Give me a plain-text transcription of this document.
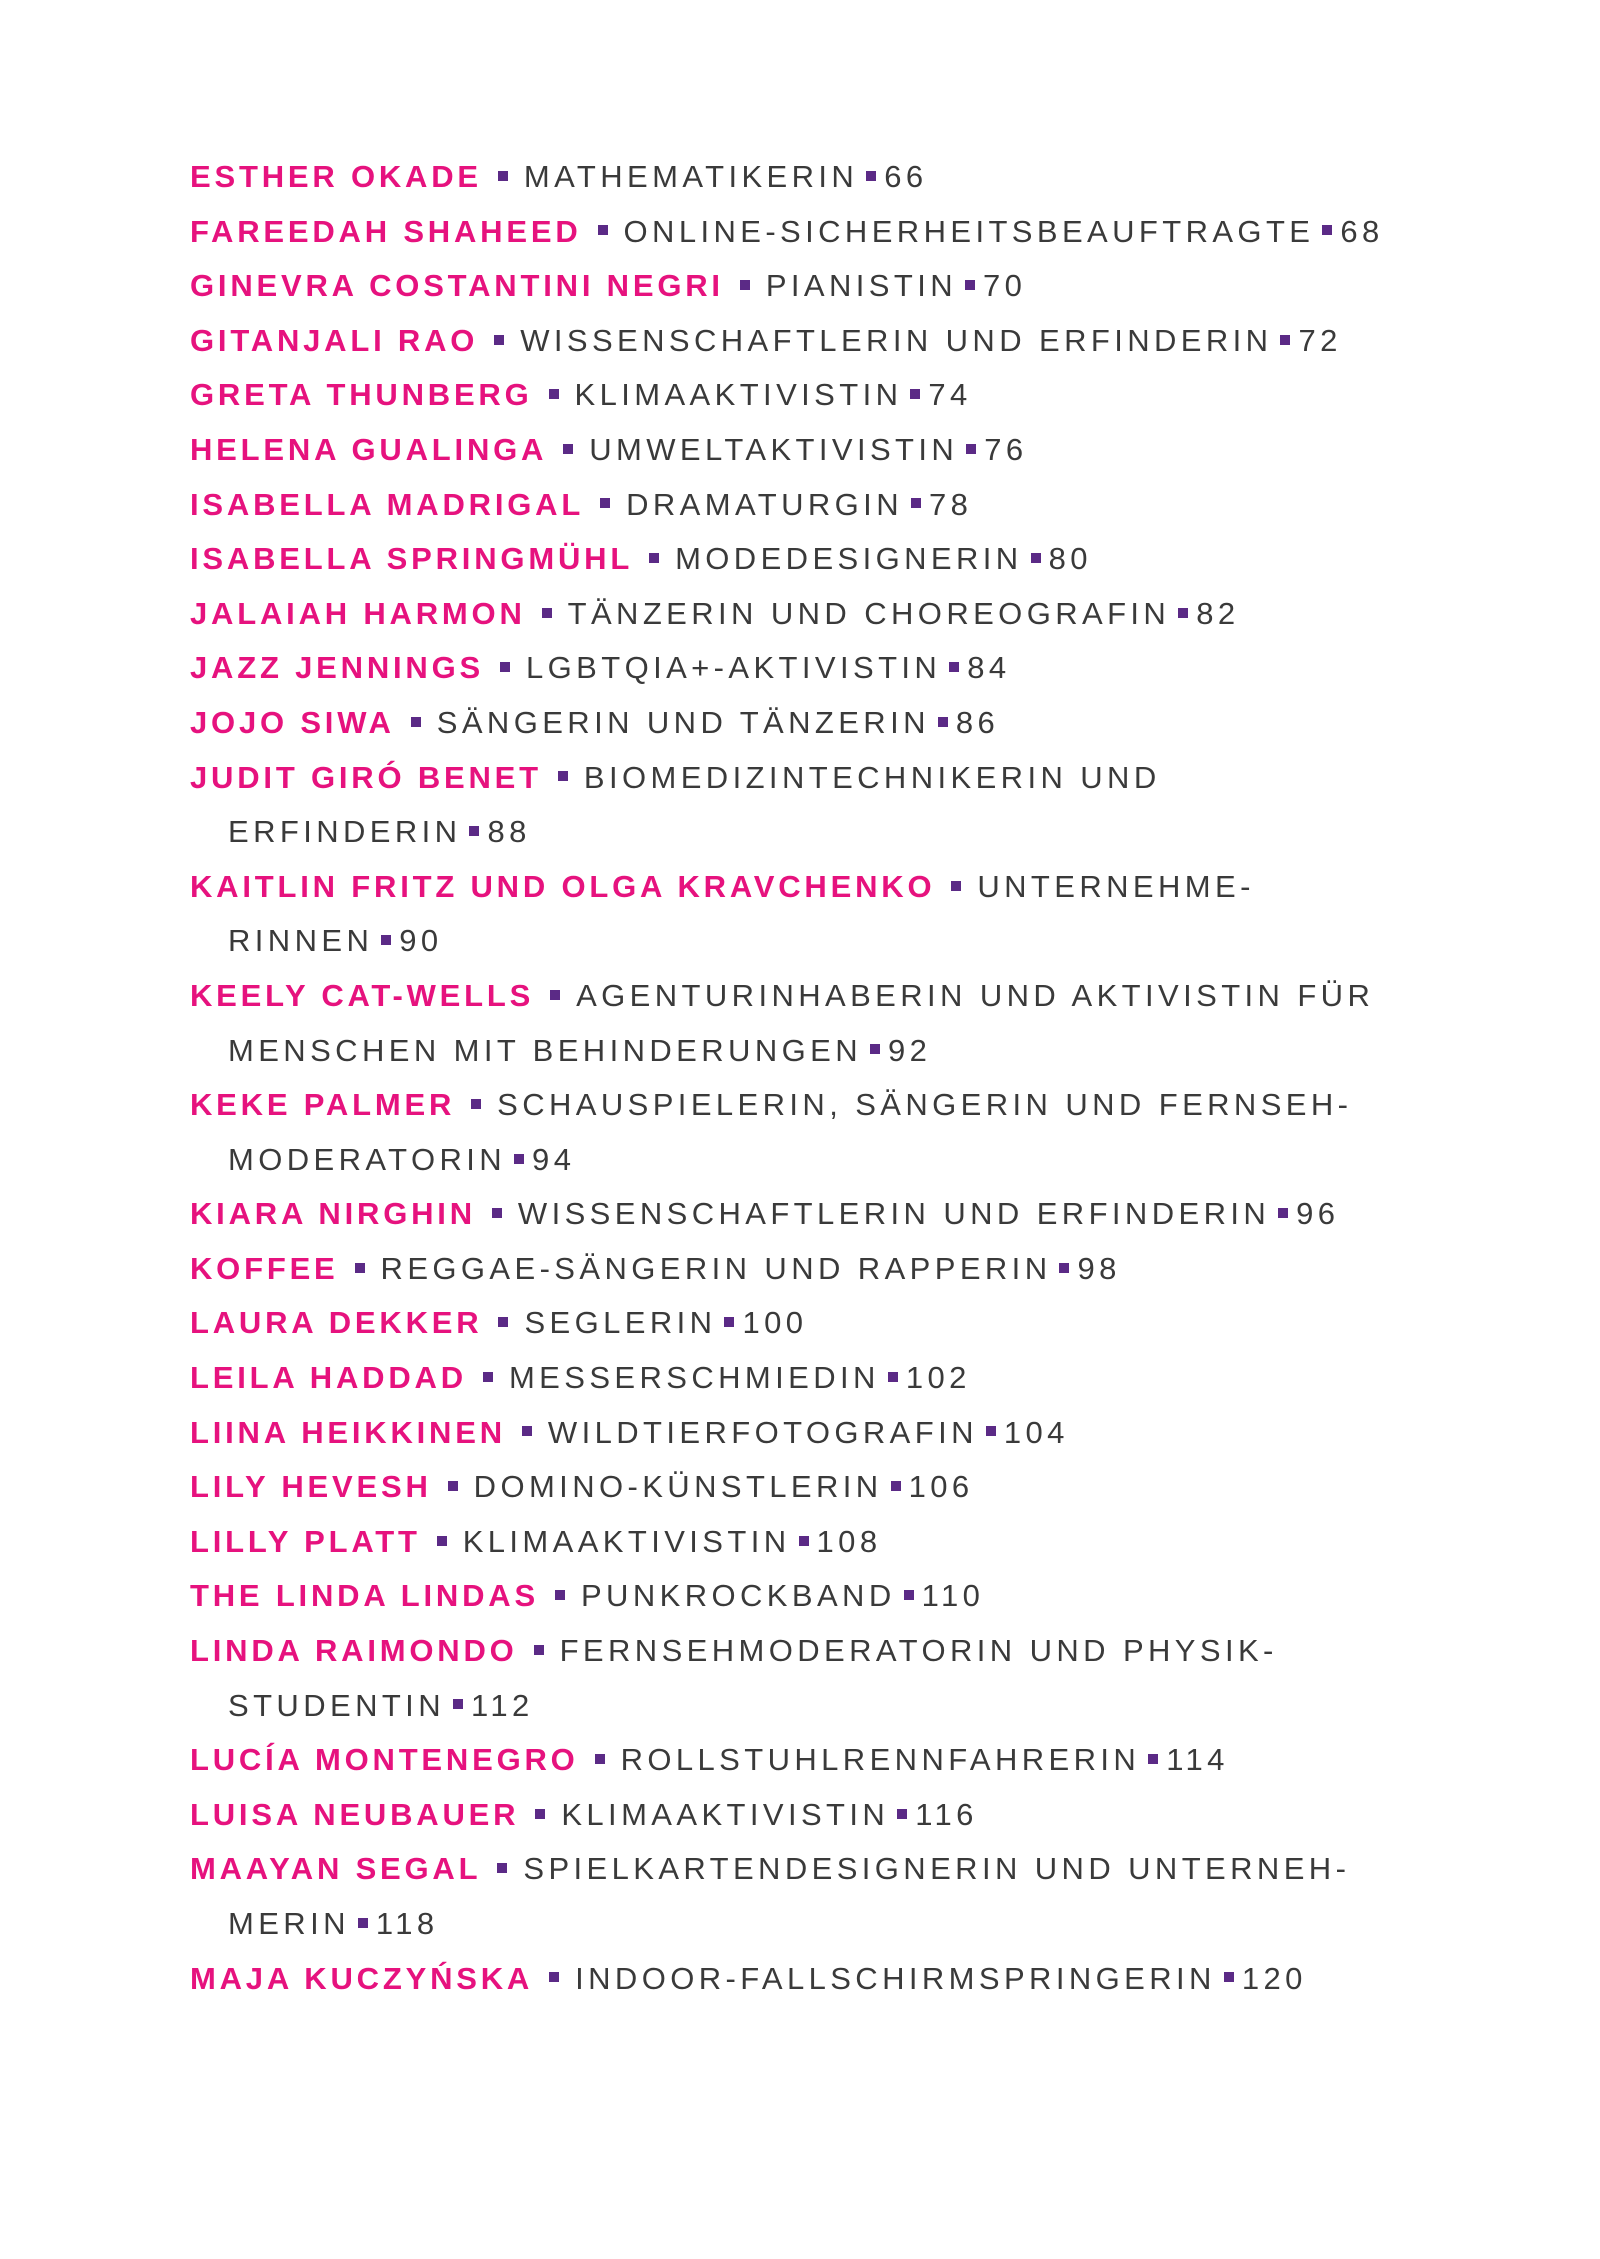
ESTHER OKADE MATHEMATIKERIN 66
FAREEDAH SHAHEED ONLINE-SICHERHEITSBEAUFTRAGTE 68
GINEVRA COSTANTINI NEGRI PIANISTIN 70
GITANJALI RAO WISSENSCHAFTLERIN UND ERFINDERIN 72
GRETA THUNBERG KLIMAAKTIVISTIN 74
HELENA GUALINGA UMWELTAKTIVISTIN 76
ISABELLA MADRIGAL DRAMATURGIN 78
ISABELLA SPRINGMÜHL MODEDESIGNERIN 80
JALAIAH HARMON TÄNZERIN UND CHOREOGRAFIN 82
JAZZ JENNINGS LGBTQIA+-AKTIVISTIN 84
JOJO SIWA SÄNGERIN UND TÄNZERIN 86
JUDIT GIRÓ BENET BIOMEDIZINTECHNIKERIN UND
ERFINDERIN 88
KAITLIN FRITZ UND OLGA KRAVCHENKO UNTERNEHME-
RINNEN 90
KEELY CAT-WELLS AGENTURINHABERIN UND AKTIVISTIN FÜR
MENSCHEN MIT BEHINDERUNGEN 92
KEKE PALMER SCHAUSPIELERIN, SÄNGERIN UND FERNSEH-
MODERATORIN 94
KIARA NIRGHIN WISSENSCHAFTLERIN UND ERFINDERIN 96
KOFFEE REGGAE-SÄNGERIN UND RAPPERIN 98
LAURA DEKKER SEGLERIN 100
LEILA HADDAD MESSERSCHMIEDIN 102
LIINA HEIKKINEN WILDTIERFOTOGRAFIN 104
LILY HEVESH DOMINO-KÜNSTLERIN 106
LILLY PLATT KLIMAAKTIVISTIN 108
THE LINDA LINDAS PUNKROCKBAND 110
LINDA RAIMONDO FERNSEHMODERATORIN UND PHYSIK-
STUDENTIN 112
LUCÍA MONTENEGRO ROLLSTUHLRENNFAHRERIN 114
LUISA NEUBAUER KLIMAAKTIVISTIN 116
MAAYAN SEGAL SPIELKARTENDESIGNERIN UND UNTERNEH-
MERIN 118
MAJA KUCZYŃSKA INDOOR-FALLSCHIRMSPRINGERIN 120
